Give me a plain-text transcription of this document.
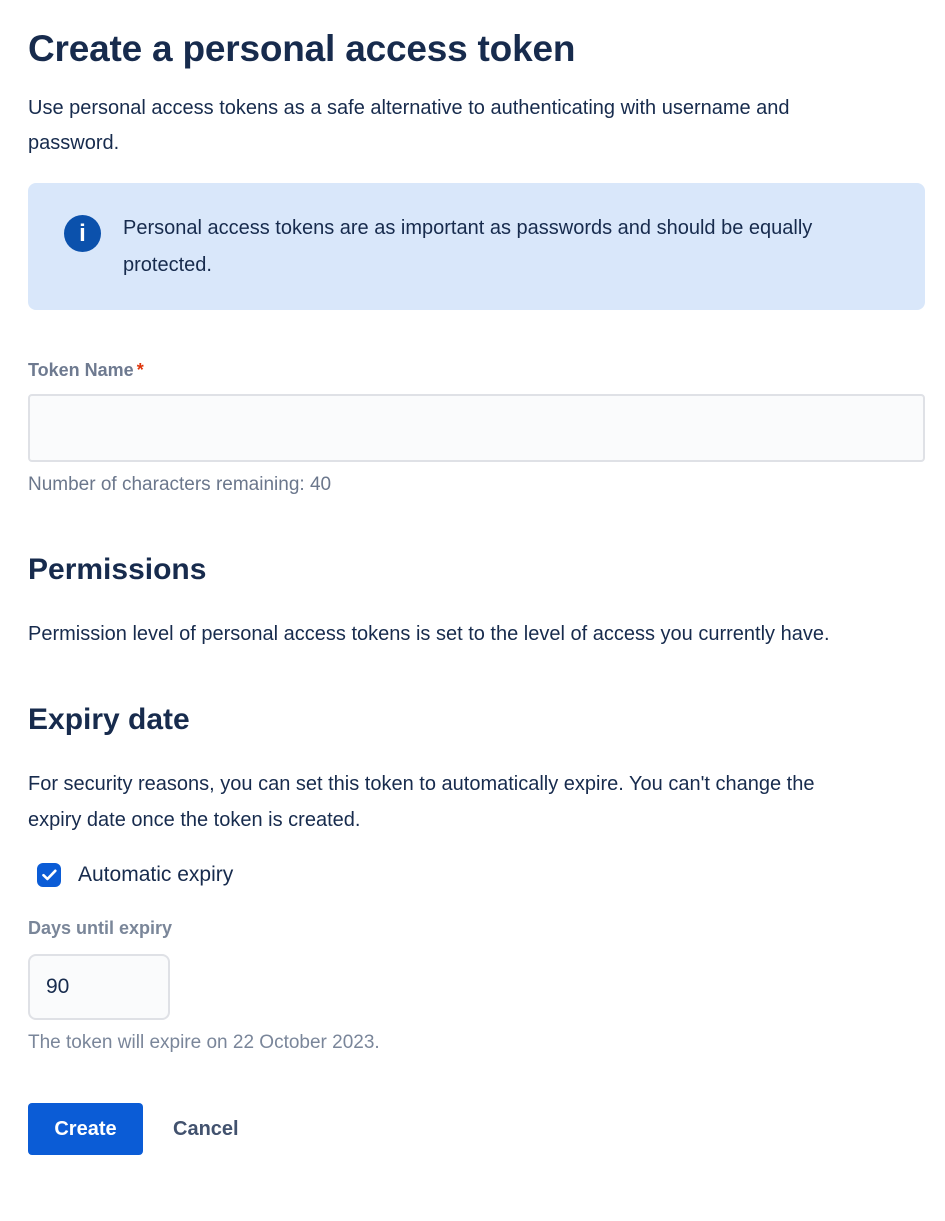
Create a personal access token

Use personal access tokens as a safe alternative to authenticating with username and password.

i	Personal access tokens are as important as passwords and should be equally protected.
Token Name *
Number of characters remaining: 40
Permissions

Permission level of personal access tokens is set to the level of access you currently have.

Expiry date

For security reasons, you can set this token to automatically expire. You can't change the expiry date once the token is created.

Automatic expiry
Days until expiry
90
The token will expire on 22 October 2023.
Create	Cancel
